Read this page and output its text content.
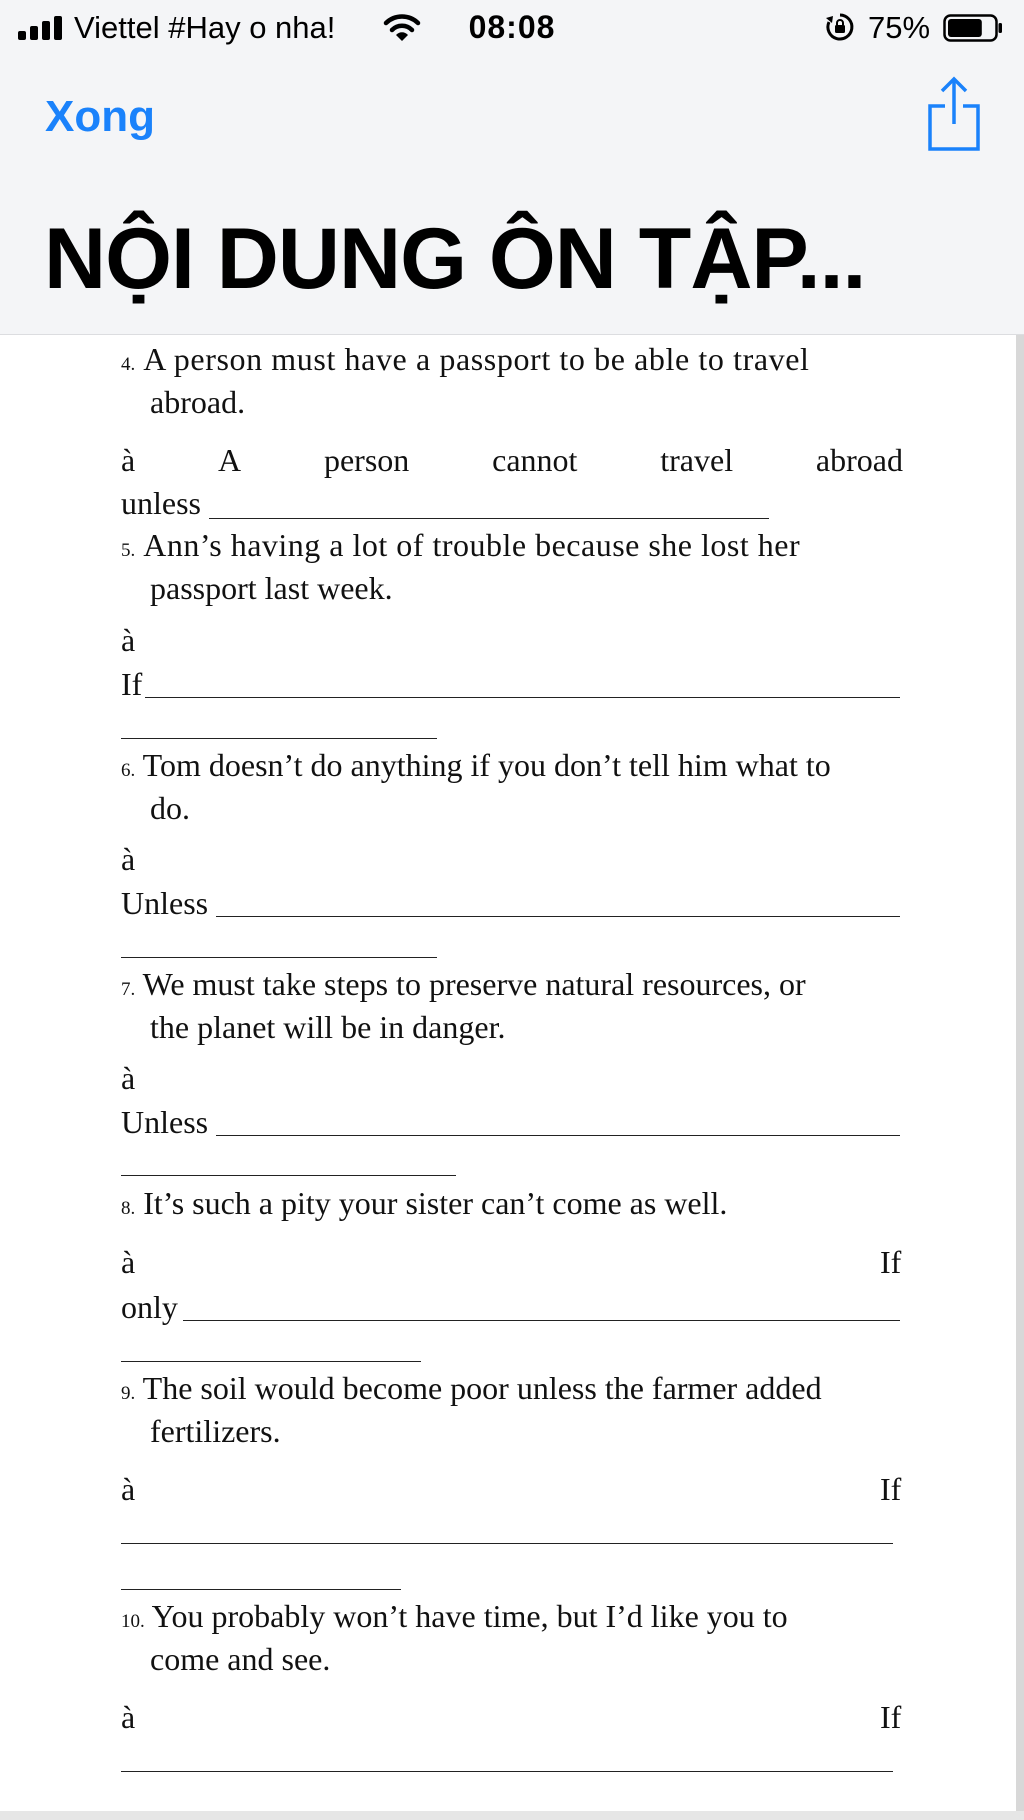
Viettel #Hay o nha!	08:08	75%
Xong
NỘI DUNG ÔN TẬP...
4. A person must have a passport to be able to travel
abroad.
à	A	person	cannot	travel	abroad
unless
5. Ann’s having a lot of trouble because she lost her
passport last week.
à
If
6. Tom doesn’t do anything if you don’t tell him what to
do.
à
Unless
7. We must take steps to preserve natural resources, or
the planet will be in danger.
à
Unless
8. It’s such a pity your sister can’t come as well.
à	If
only
9. The soil would become poor unless the farmer added
fertilizers.
à	If
10. You probably won’t have time, but I’d like you to
come and see.
à	If
